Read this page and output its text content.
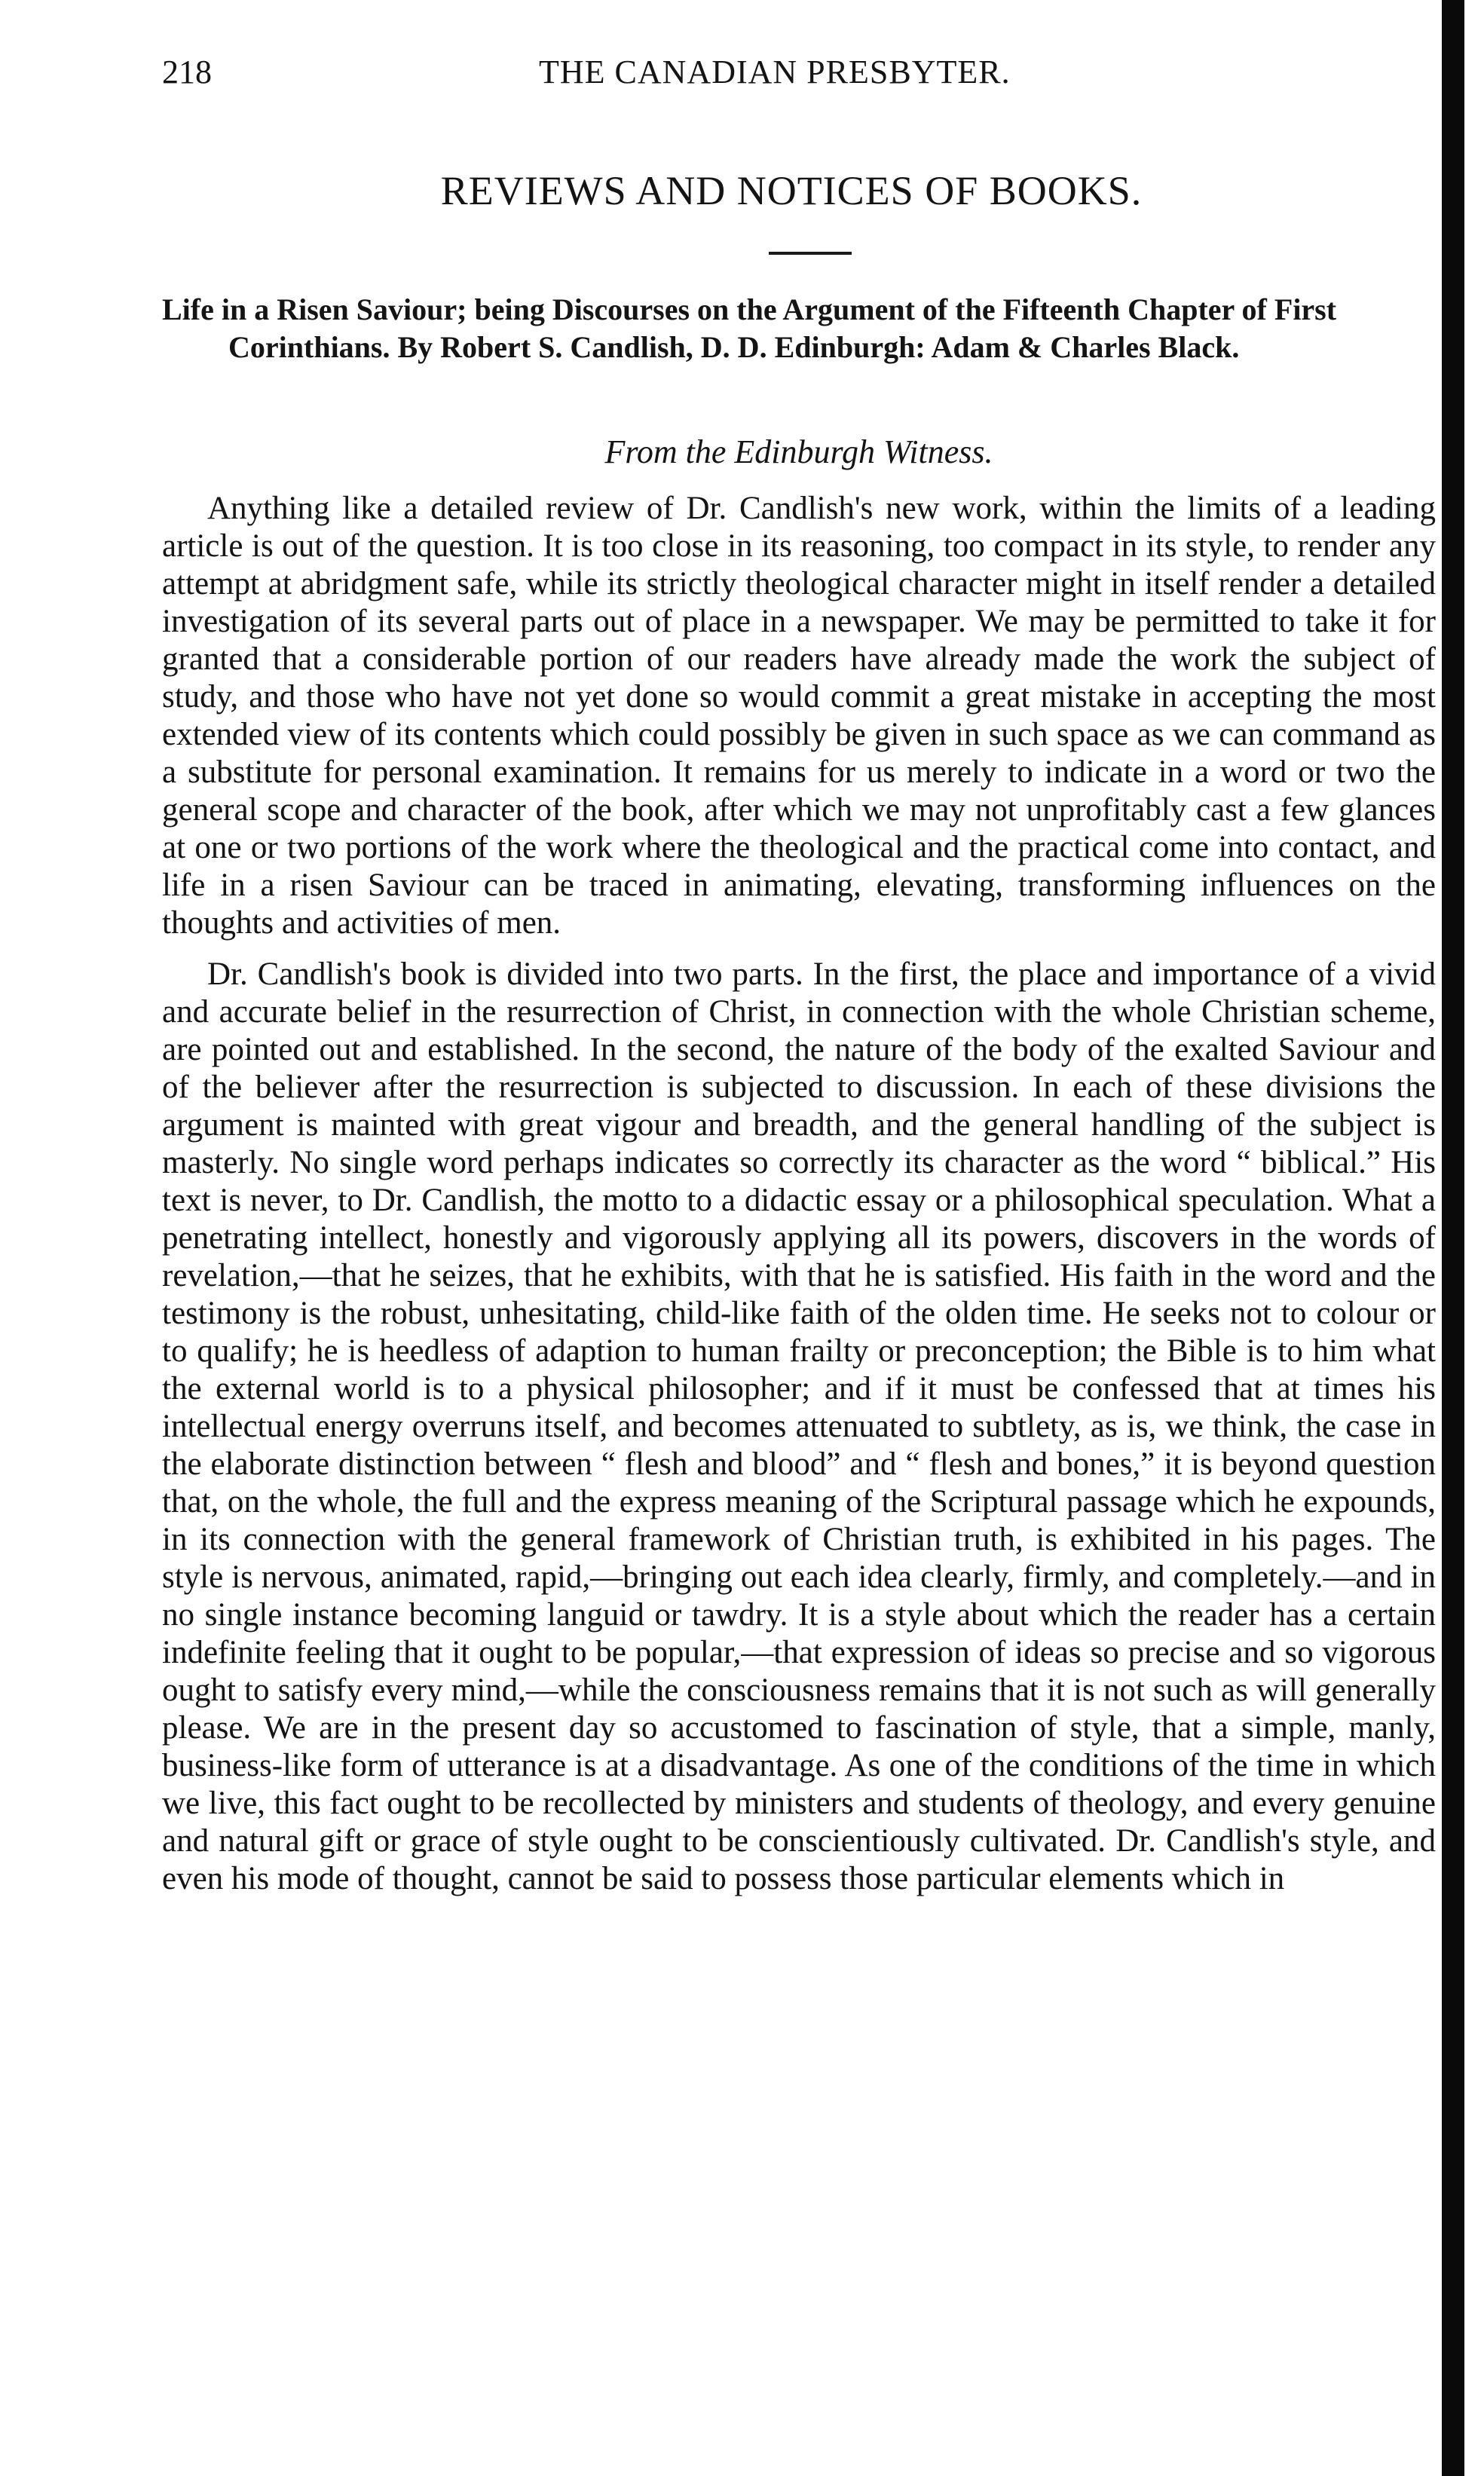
218	THE CANADIAN PRESBYTER.
REVIEWS AND NOTICES OF BOOKS.
Life in a Risen Saviour; being Discourses on the Argument of the Fifteenth Chapter of First Corinthians. By Robert S. Candlish, D. D. Edinburgh: Adam & Charles Black.
From the Edinburgh Witness.

Anything like a detailed review of Dr. Candlish's new work, within the limits of a leading article is out of the question. It is too close in its reasoning, too compact in its style, to render any attempt at abridgment safe, while its strictly theological character might in itself render a detailed investigation of its several parts out of place in a newspaper. We may be permitted to take it for granted that a considerable portion of our readers have already made the work the subject of study, and those who have not yet done so would commit a great mistake in accepting the most extended view of its contents which could possibly be given in such space as we can command as a substitute for personal examination. It remains for us merely to indicate in a word or two the general scope and character of the book, after which we may not unprofitably cast a few glances at one or two portions of the work where the theological and the practical come into contact, and life in a risen Saviour can be traced in animating, elevating, transforming influences on the thoughts and activities of men.

Dr. Candlish's book is divided into two parts. In the first, the place and importance of a vivid and accurate belief in the resurrection of Christ, in connection with the whole Christian scheme, are pointed out and established. In the second, the nature of the body of the exalted Saviour and of the believer after the resurrection is subjected to discussion. In each of these divisions the argument is mainted with great vigour and breadth, and the general handling of the subject is masterly. No single word perhaps indicates so correctly its character as the word “ biblical.” His text is never, to Dr. Candlish, the motto to a didactic essay or a philosophical speculation. What a penetrating intellect, honestly and vigorously applying all its powers, discovers in the words of revelation,—that he seizes, that he exhibits, with that he is satisfied. His faith in the word and the testimony is the robust, unhesitating, child-like faith of the olden time. He seeks not to colour or to qualify; he is heedless of adaption to human frailty or preconception; the Bible is to him what the external world is to a physical philosopher; and if it must be confessed that at times his intellectual energy overruns itself, and becomes attenuated to subtlety, as is, we think, the case in the elaborate distinction between “ flesh and blood” and “ flesh and bones,” it is beyond question that, on the whole, the full and the express meaning of the Scriptural passage which he expounds, in its connection with the general framework of Christian truth, is exhibited in his pages. The style is nervous, animated, rapid,—bringing out each idea clearly, firmly, and completely.—and in no single instance becoming languid or tawdry. It is a style about which the reader has a certain indefinite feeling that it ought to be popular,—that expression of ideas so precise and so vigorous ought to satisfy every mind,—while the consciousness remains that it is not such as will generally please. We are in the present day so accustomed to fascination of style, that a simple, manly, business-like form of utterance is at a disadvantage. As one of the conditions of the time in which we live, this fact ought to be recollected by ministers and students of theology, and every genuine and natural gift or grace of style ought to be conscientiously cultivated. Dr. Candlish's style, and even his mode of thought, cannot be said to possess those particular elements which in
